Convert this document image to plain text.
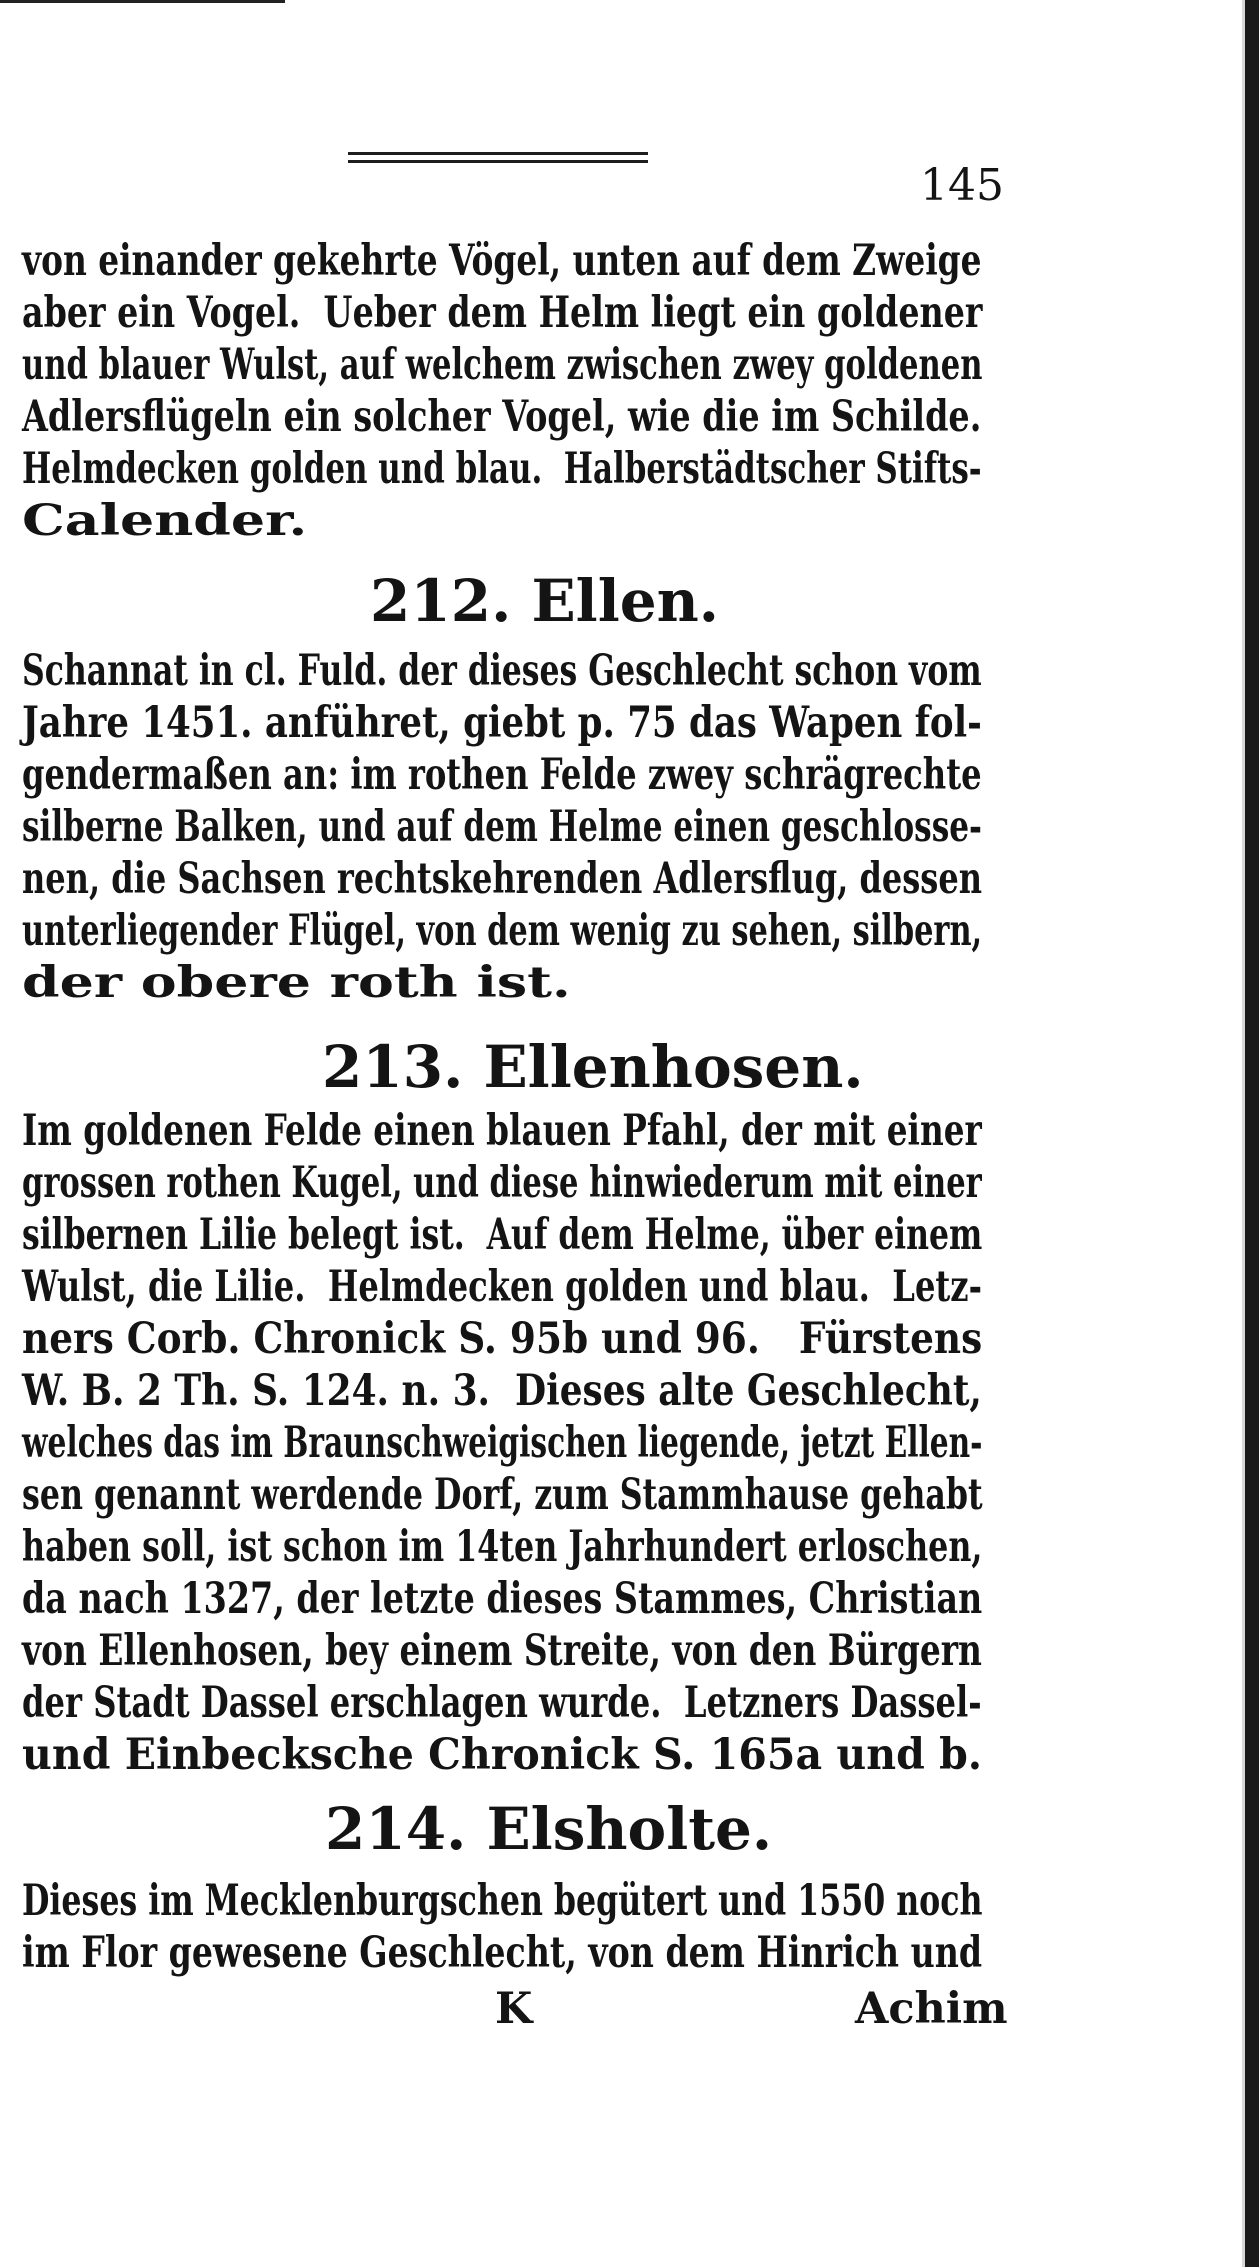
145
von einander gekehrte Vögel, unten auf dem Zweige
aber ein Vogel.  Ueber dem Helm liegt ein goldener
und blauer Wulst, auf welchem zwischen zwey goldenen
Adlersflügeln ein solcher Vogel, wie die im Schilde.
Helmdecken golden und blau.  Halberstädtscher Stifts-
Calender.
212. Ellen.
Schannat in cl. Fuld. der dieses Geschlecht schon vom
Jahre 1451. anführet, giebt p. 75 das Wapen fol-
gendermaßen an: im rothen Felde zwey schrägrechte
silberne Balken, und auf dem Helme einen geschlosse-
nen, die Sachsen rechtskehrenden Adlersflug, dessen
unterliegender Flügel, von dem wenig zu sehen, silbern,
der obere roth ist.
213. Ellenhosen.
Im goldenen Felde einen blauen Pfahl, der mit einer
grossen rothen Kugel, und diese hinwiederum mit einer
silbernen Lilie belegt ist.  Auf dem Helme, über einem
Wulst, die Lilie.  Helmdecken golden und blau.  Letz-
ners Corb. Chronick S. 95b und 96.   Fürstens
W. B. 2 Th. S. 124. n. 3.  Dieses alte Geschlecht,
welches das im Braunschweigischen liegende, jetzt Ellen-
sen genannt werdende Dorf, zum Stammhause gehabt
haben soll, ist schon im 14ten Jahrhundert erloschen,
da nach 1327, der letzte dieses Stammes, Christian
von Ellenhosen, bey einem Streite, von den Bürgern
der Stadt Dassel erschlagen wurde.  Letzners Dassel-
und Einbecksche Chronick S. 165a und b.
214. Elsholte.
Dieses im Mecklenburgschen begütert und 1550 noch
im Flor gewesene Geschlecht, von dem Hinrich und
K	Achim
